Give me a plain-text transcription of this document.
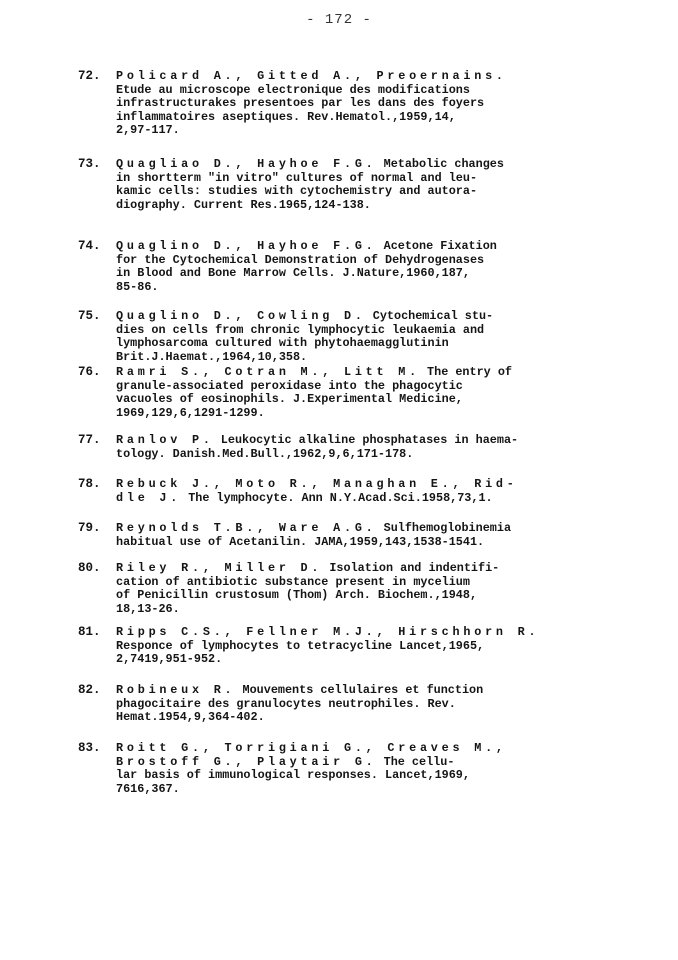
- 172 -
72. Policard A., Gitted A., Preoernains.
Etude au microscope electronique des modifications
infrastructurakes presentoes par les dans des foyers
inflammatoires aseptiques. Rev.Hematol.,1959,14,
2,97-117.
73. Quagliao D., Hayhoe F.G. Metabolic changes
in shortterm "in vitro" cultures of normal and leu-
kamic cells: studies with cytochemistry and autora-
diography. Current Res.1965,124-138.
74. Quaglino D., Hayhoe F.G. Acetone Fixation
for the Cytochemical Demonstration of Dehydrogenases
in Blood and Bone Marrow Cells. J.Nature,1960,187,
85-86.
75. Quaglino D., Cowling D. Cytochemical stu-
dies on cells from chronic lymphocytic leukaemia and
lymphosarcoma cultured with phytohaemagglutinin
Brit.J.Haemat.,1964,10,358.
76. Ramri S., Cotran M., Litt M. The entry of
granule-associated peroxidase into the phagocytic
vacuoles of eosinophils. J.Experimental Medicine,
1969,129,6,1291-1299.
77. Ranlov P. Leukocytic alkaline phosphatases in haema-
tology. Danish.Med.Bull.,1962,9,6,171-178.
78. Rebuck J., Moto R., Managhan E., Rid-
dle J. The lymphocyte. Ann N.Y.Acad.Sci.1958,73,1.
79. Reynolds T.B., Ware A.G. Sulfhemoglobinemia
habitual use of Acetanilin. JAMA,1959,143,1538-1541.
80. Riley R., Miller D. Isolation and indentifi-
cation of antibiotic substance present in mycelium
of Penicillin crustosum (Thom) Arch. Biochem.,1948,
18,13-26.
81. Ripps C.S., Fellner M.J., Hirschhorn R.
Responce of lymphocytes to tetracycline Lancet,1965,
2,7419,951-952.
82. Robineux R. Mouvements cellulaires et function
phagocitaire des granulocytes neutrophiles. Rev.
Hemat.1954,9,364-402.
83. Roitt G., Torrigiani G., Creaves M.,
Brostoff G., Playtair G. The cellu-
lar basis of immunological responses. Lancet,1969,
7616,367.
